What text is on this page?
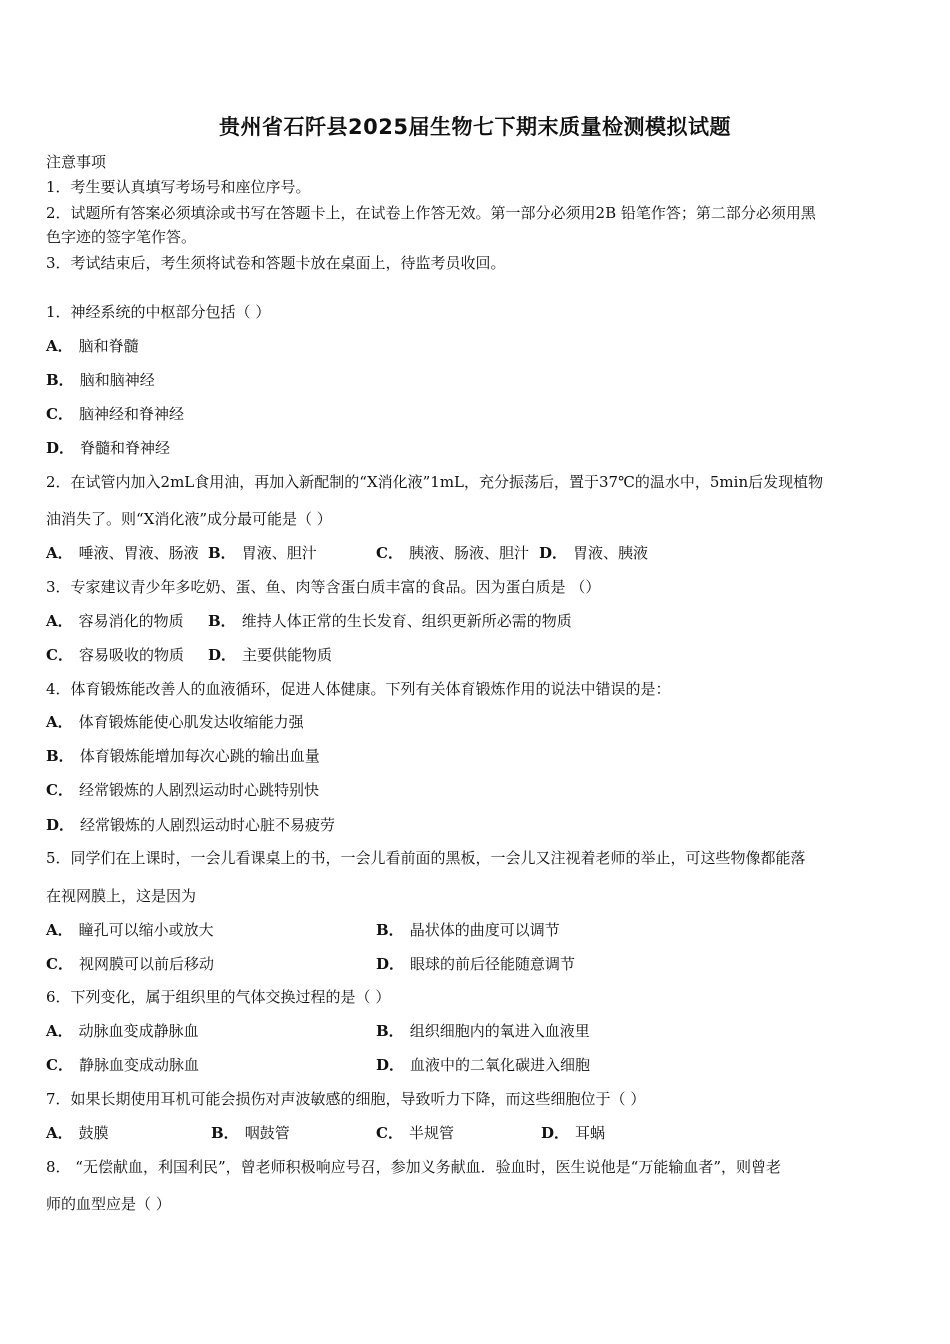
贵州省石阡县2025届生物七下期末质量检测模拟试题
注意事项
1．考生要认真填写考场号和座位序号。
2．试题所有答案必须填涂或书写在答题卡上，在试卷上作答无效。第一部分必须用2B 铅笔作答；第二部分必须用黑
色字迹的签字笔作答。
3．考试结束后，考生须将试卷和答题卡放在桌面上，待监考员收回。
1．神经系统的中枢部分包括（ ）
A． 脑和脊髓
B． 脑和脑神经
C． 脑神经和脊神经
D． 脊髓和脊神经
2．在试管内加入2mL食用油，再加入新配制的“X消化液”1mL，充分振荡后，置于37℃的温水中，5min后发现植物
油消失了。则“X消化液”成分最可能是（ ）
A． 唾液、胃液、肠液 B． 胃液、胆汁	C． 胰液、肠液、胆汁 D． 胃液、胰液
3．专家建议青少年多吃奶、蛋、鱼、肉等含蛋白质丰富的食品。因为蛋白质是 （）
A． 容易消化的物质 B． 维持人体正常的生长发育、组织更新所必需的物质
C． 容易吸收的物质 D． 主要供能物质
4．体育锻炼能改善人的血液循环，促进人体健康。下列有关体育锻炼作用的说法中错误的是：
A． 体育锻炼能使心肌发达收缩能力强
B． 体育锻炼能增加每次心跳的输出血量
C． 经常锻炼的人剧烈运动时心跳特别快
D． 经常锻炼的人剧烈运动时心脏不易疲劳
5．同学们在上课时，一会儿看课桌上的书，一会儿看前面的黑板，一会儿又注视着老师的举止，可这些物像都能落
在视网膜上，这是因为
A． 瞳孔可以缩小或放大	B． 晶状体的曲度可以调节
C． 视网膜可以前后移动	D． 眼球的前后径能随意调节
6．下列变化，属于组织里的气体交换过程的是（ ）
A． 动脉血变成静脉血	B． 组织细胞内的氧进入血液里
C． 静脉血变成动脉血	D． 血液中的二氧化碳进入细胞
7．如果长期使用耳机可能会损伤对声波敏感的细胞，导致听力下降，而这些细胞位于（ ）
A． 鼓膜	B． 咽鼓管	C． 半规管	D． 耳蜗
8． “无偿献血，利国利民”，曾老师积极响应号召，参加义务献血．验血时，医生说他是“万能输血者”，则曾老
师的血型应是（ ）
